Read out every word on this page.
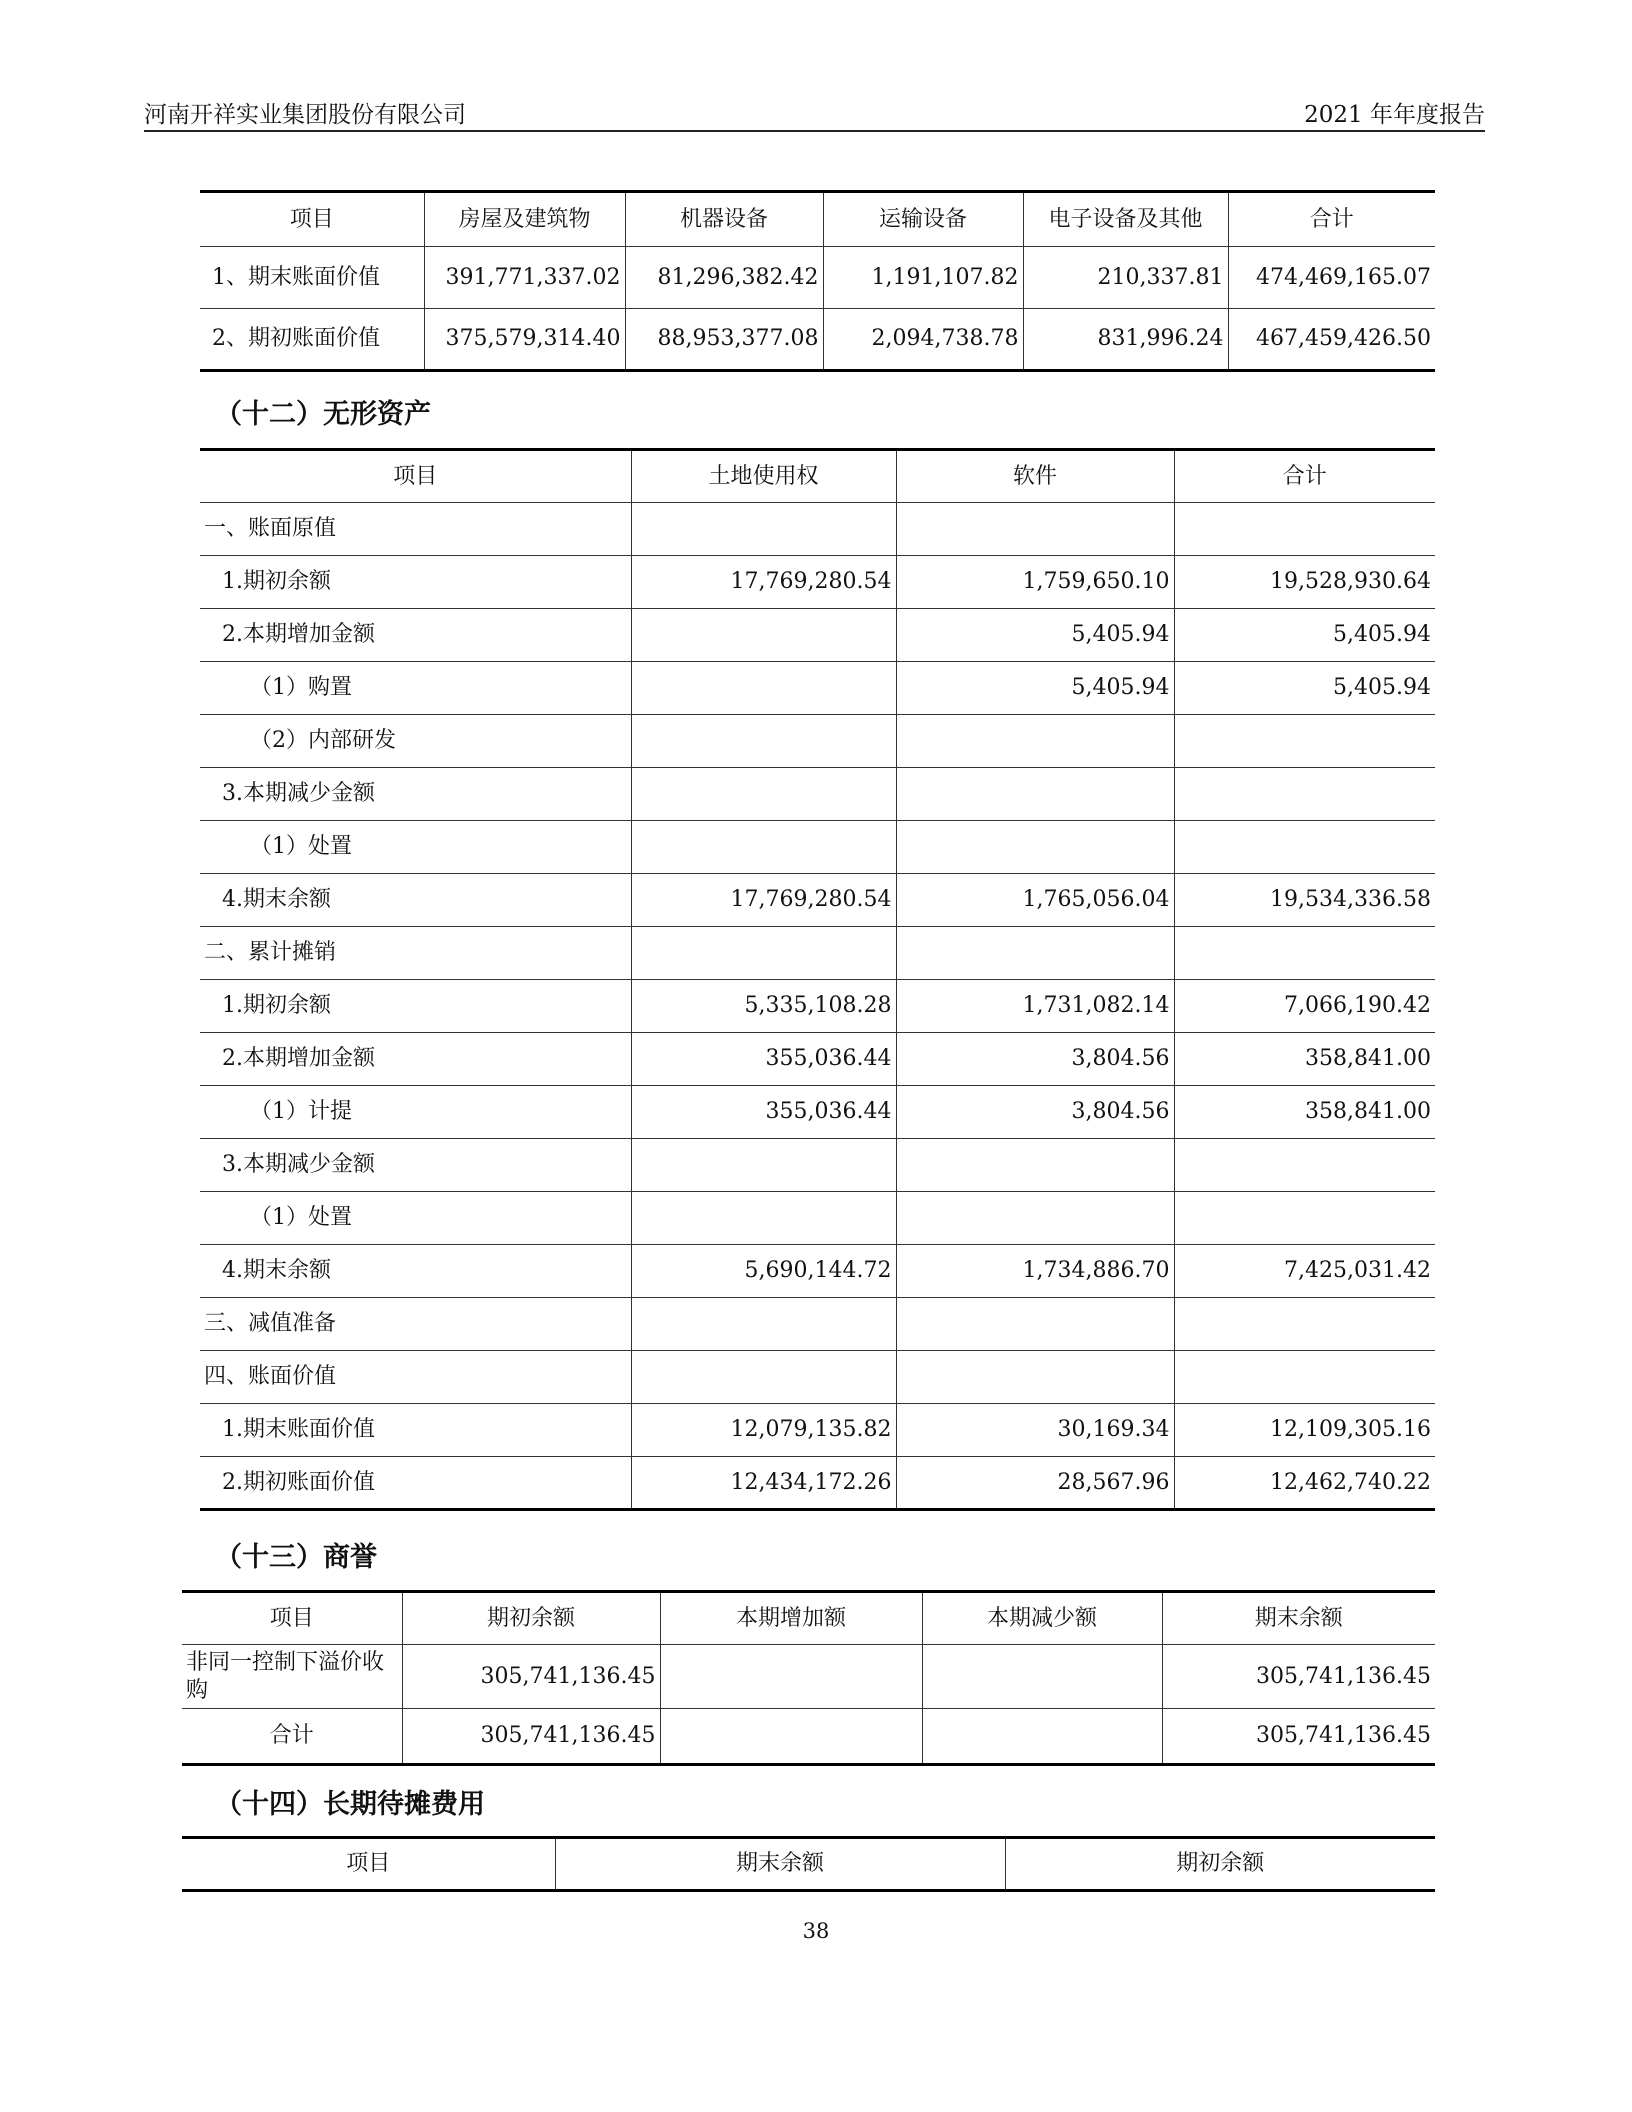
河南开祥实业集团股份有限公司	2021 年年度报告
项目	房屋及建筑物	机器设备	运输设备	电子设备及其他	合计
1、期末账面价值	391,771,337.02	81,296,382.42	1,191,107.82	210,337.81	474,469,165.07
2、期初账面价值	375,579,314.40	88,953,377.08	2,094,738.78	831,996.24	467,459,426.50
（十二）无形资产
项目	土地使用权	软件	合计
一、账面原值			
1.期初余额	17,769,280.54	1,759,650.10	19,528,930.64
2.本期增加金额		5,405.94	5,405.94
（1）购置		5,405.94	5,405.94
（2）内部研发			
3.本期减少金额			
（1）处置			
4.期末余额	17,769,280.54	1,765,056.04	19,534,336.58
二、累计摊销			
1.期初余额	5,335,108.28	1,731,082.14	7,066,190.42
2.本期增加金额	355,036.44	3,804.56	358,841.00
（1）计提	355,036.44	3,804.56	358,841.00
3.本期减少金额			
（1）处置			
4.期末余额	5,690,144.72	1,734,886.70	7,425,031.42
三、减值准备			
四、账面价值			
1.期末账面价值	12,079,135.82	30,169.34	12,109,305.16
2.期初账面价值	12,434,172.26	28,567.96	12,462,740.22
（十三）商誉
项目	期初余额	本期增加额	本期减少额	期末余额
非同一控制下溢价收购	305,741,136.45			305,741,136.45
合计	305,741,136.45			305,741,136.45
（十四）长期待摊费用
项目	期末余额	期初余额
38
